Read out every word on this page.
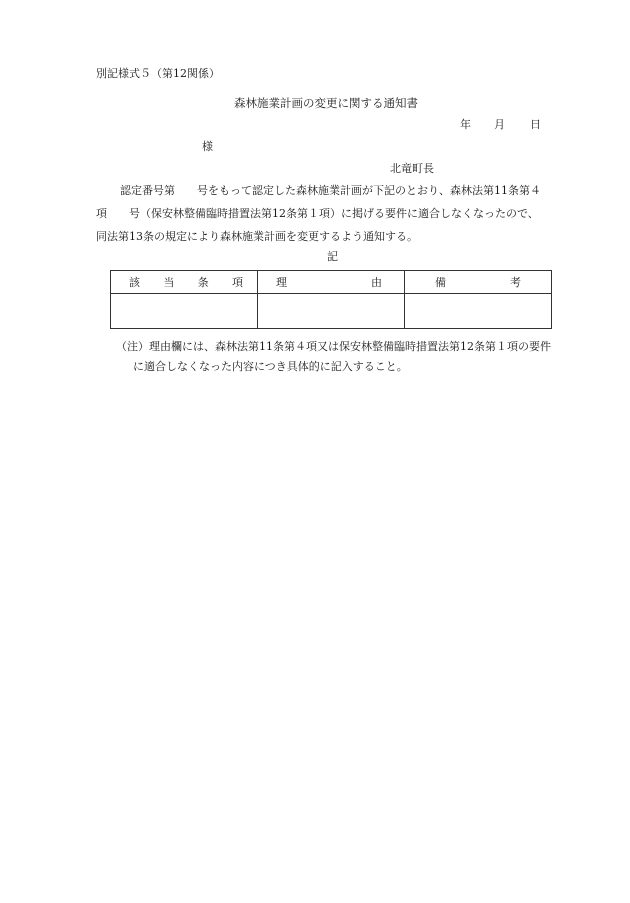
別記様式５（第12関係）
森林施業計画の変更に関する通知書
年 月 日
様
北竜町長
認定番号第 号をもって認定した森林施業計画が下記のとおり、森林法第11条第４
項 号（保安林整備臨時措置法第12条第１項）に掲げる要件に適合しなくなったので、
同法第13条の規定により森林施業計画を変更するよう通知する。
記
該 当 条 項	理 由	備 考

（注）理由欄には、森林法第11条第４項又は保安林整備臨時措置法第12条第１項の要件
に適合しなくなった内容につき具体的に記入すること。
